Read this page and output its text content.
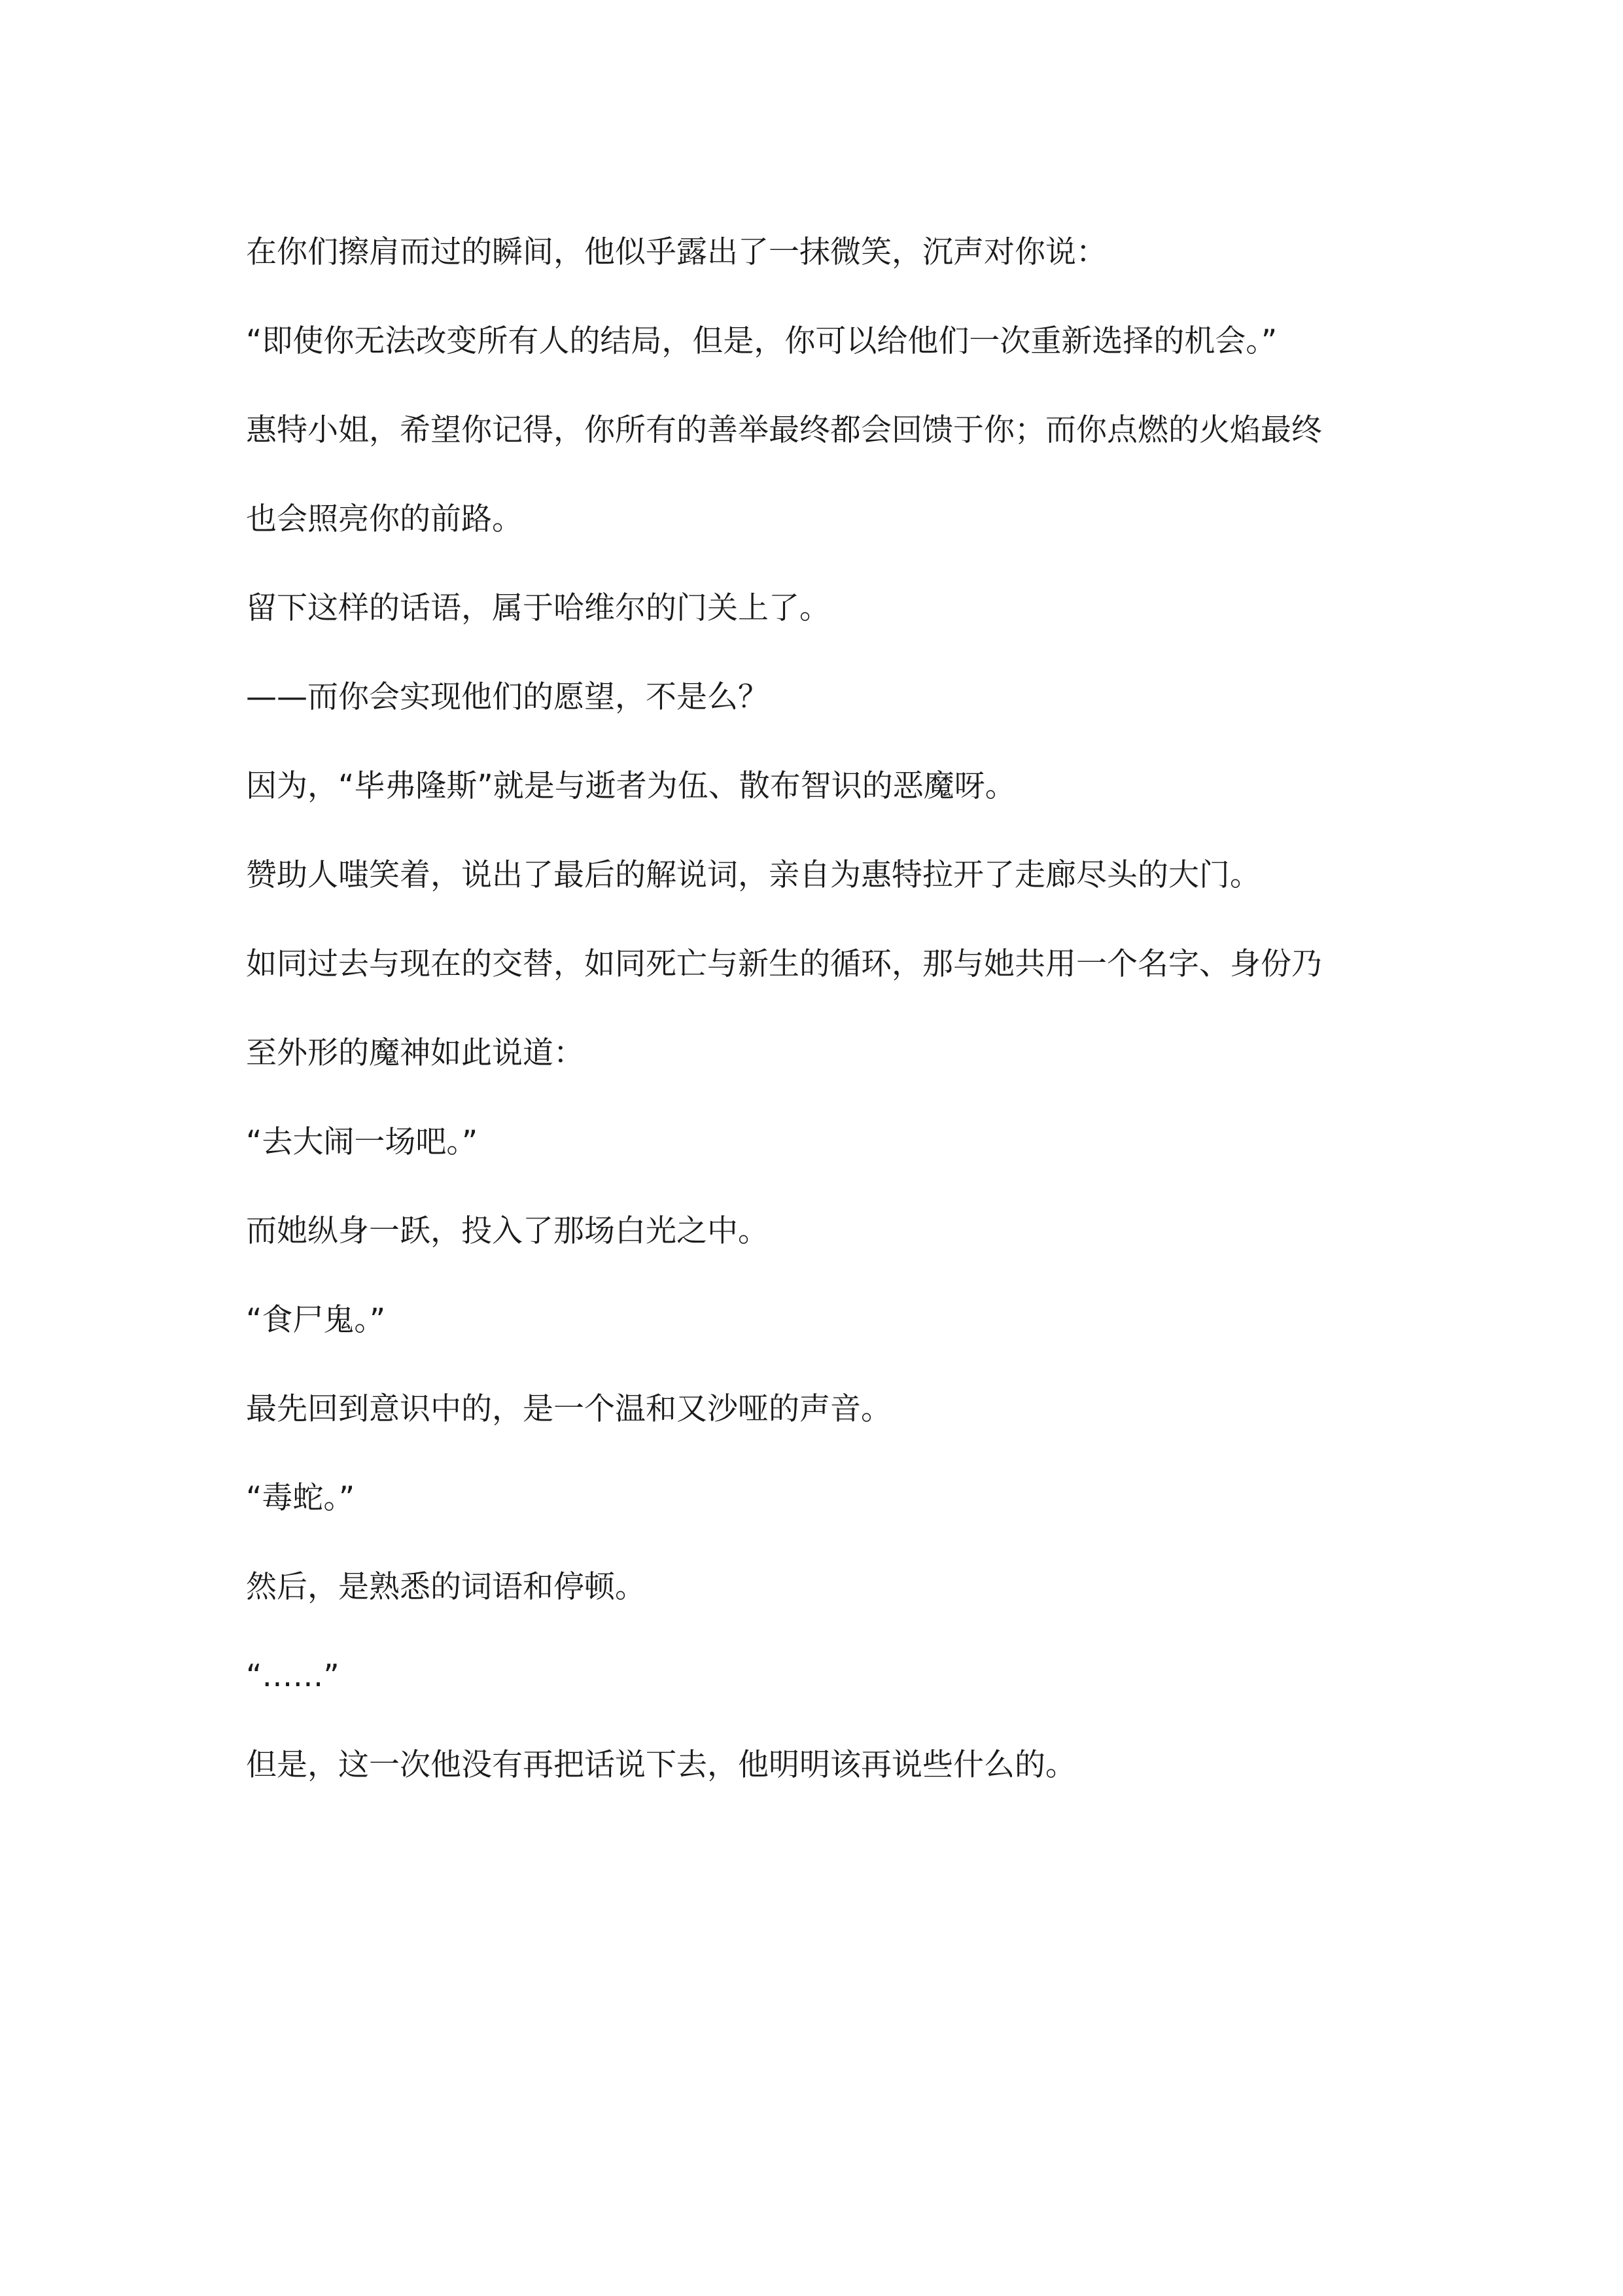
在你们擦肩而过的瞬间，他似乎露出了一抹微笑，沉声对你说：

“即使你无法改变所有人的结局，但是，你可以给他们一次重新选择的机会。”

惠特小姐，希望你记得，你所有的善举最终都会回馈于你；而你点燃的火焰最终

也会照亮你的前路。

留下这样的话语，属于哈维尔的门关上了。

——而你会实现他们的愿望，不是么？

因为，“毕弗隆斯”就是与逝者为伍、散布智识的恶魔呀。

赞助人嗤笑着，说出了最后的解说词，亲自为惠特拉开了走廊尽头的大门。

如同过去与现在的交替，如同死亡与新生的循环，那与她共用一个名字、身份乃

至外形的魔神如此说道：

“去大闹一场吧。”

而她纵身一跃，投入了那场白光之中。

“食尸鬼。”

最先回到意识中的，是一个温和又沙哑的声音。

“毒蛇。”

然后，是熟悉的词语和停顿。

“……”

但是，这一次他没有再把话说下去，他明明该再说些什么的。
